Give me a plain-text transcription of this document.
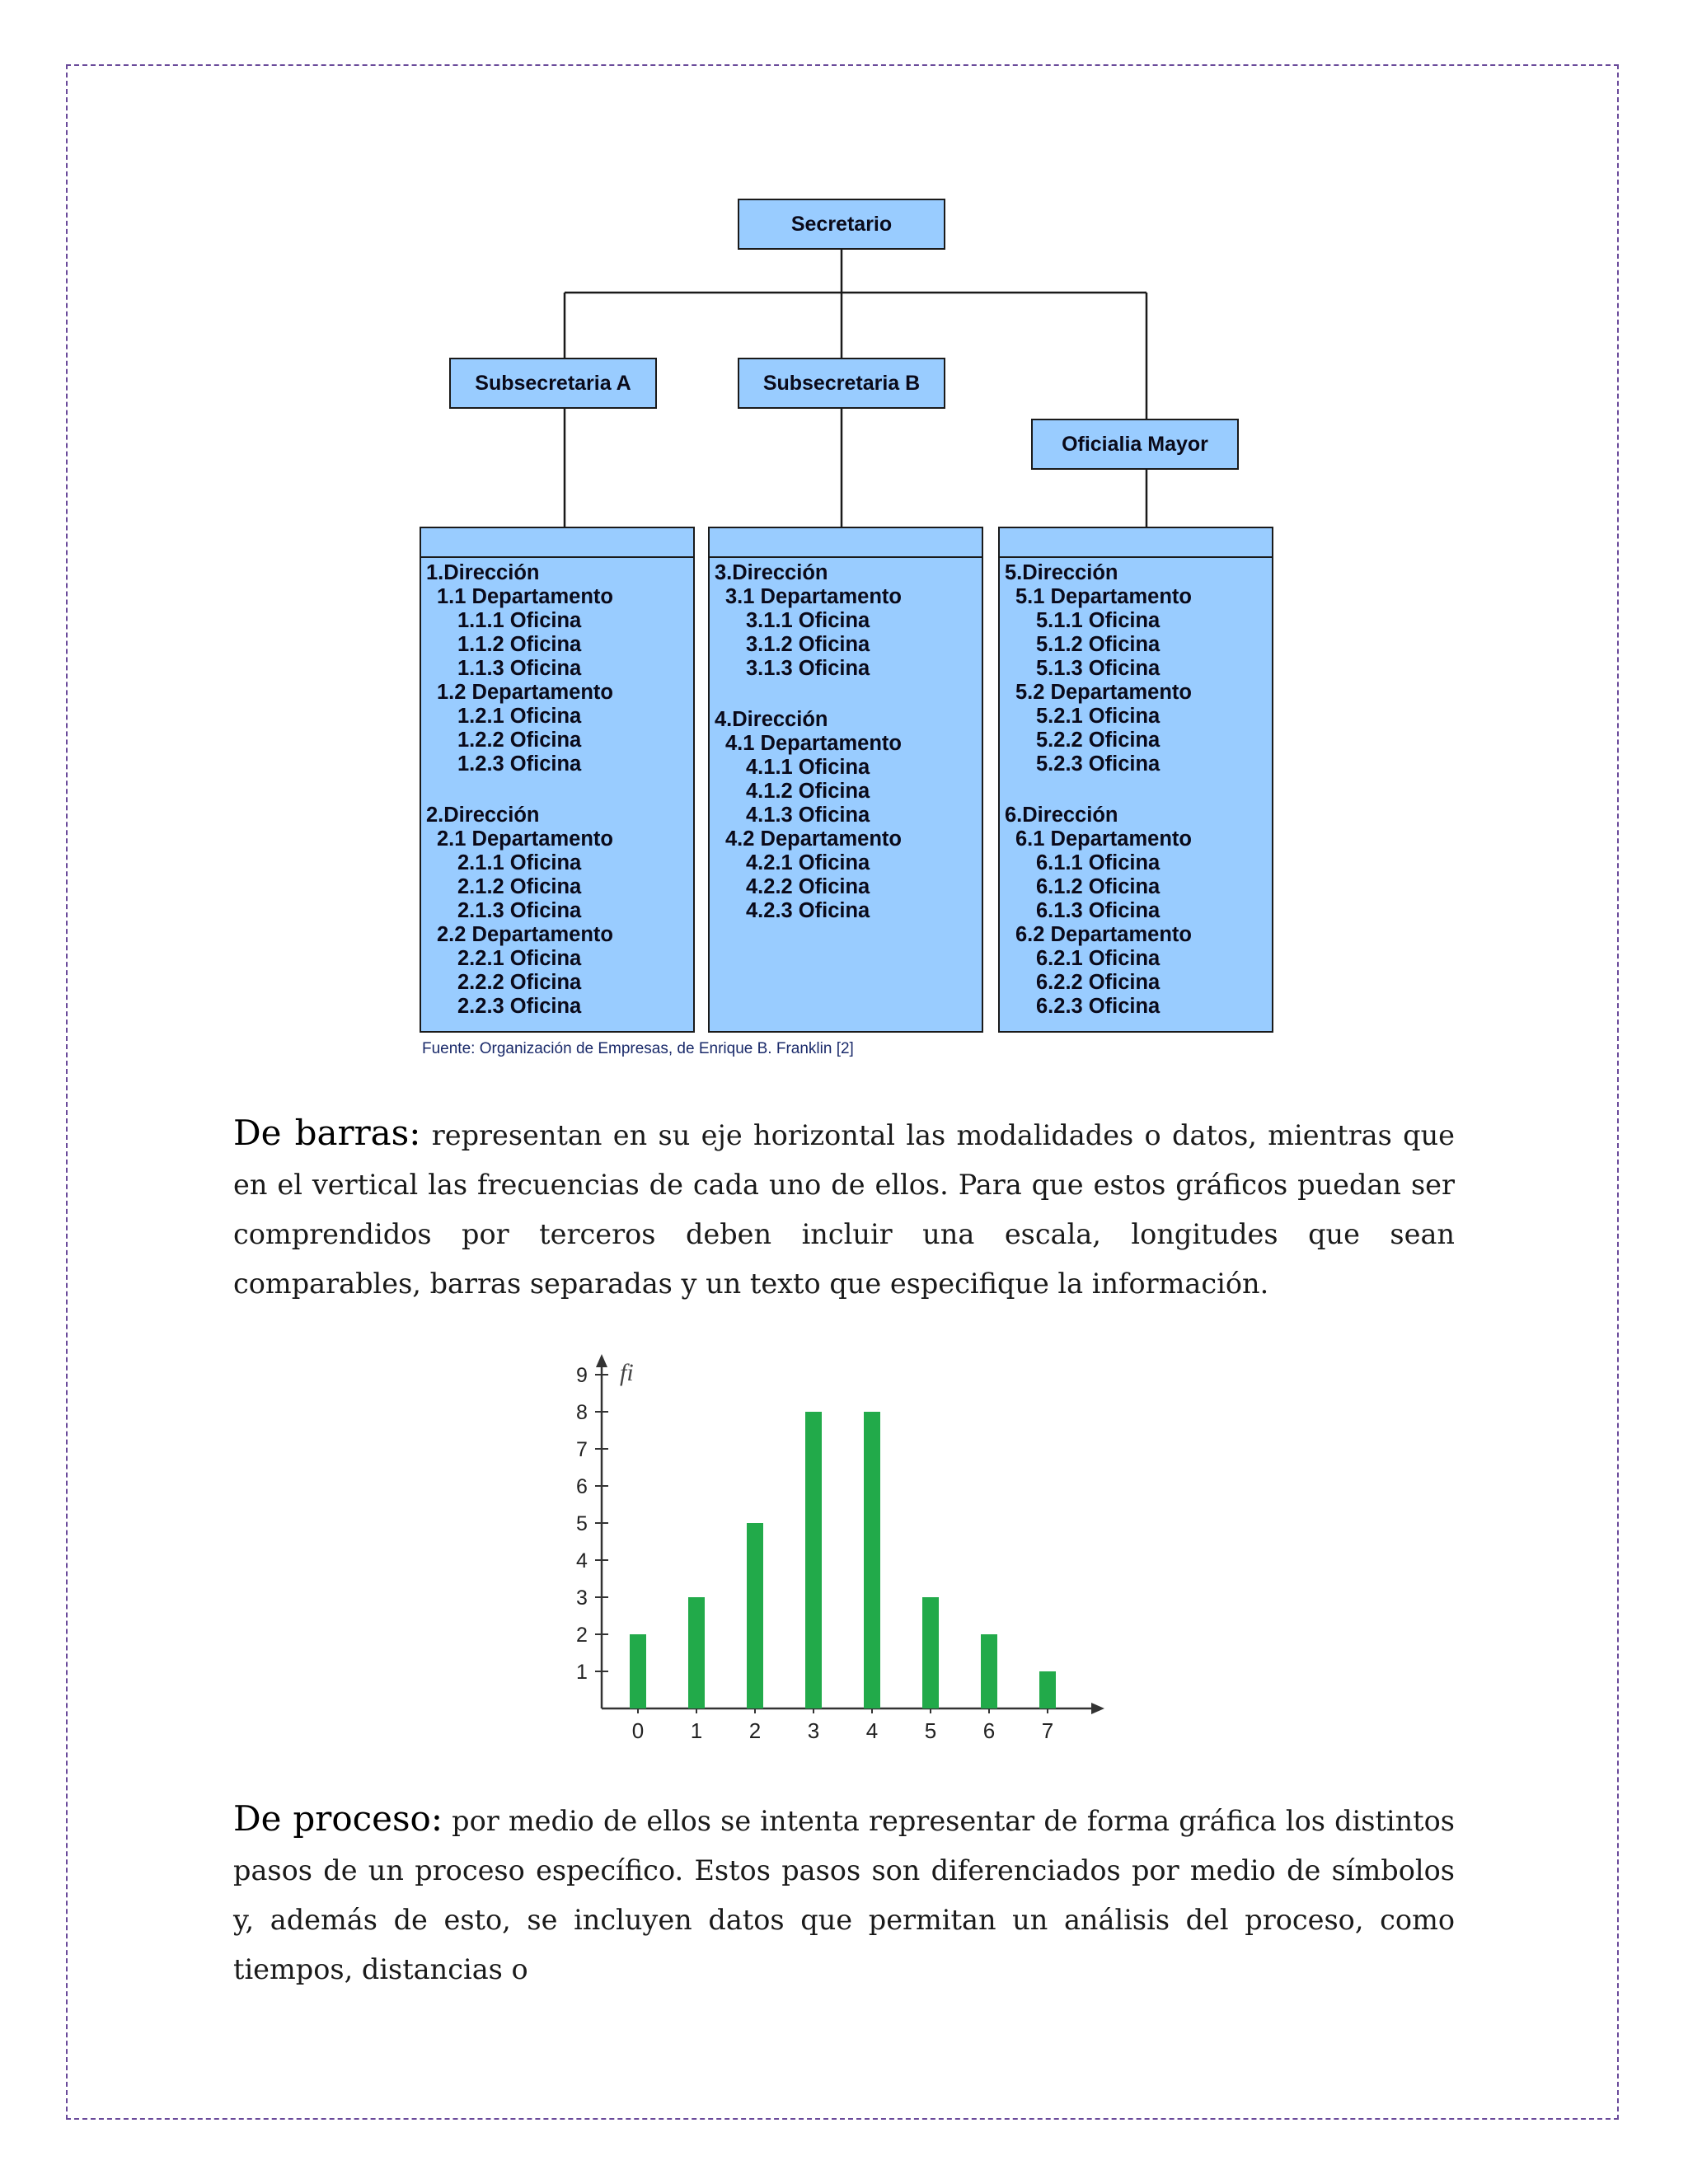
Secretario
Subsecretaria A	Subsecretaria B
Oficialia Mayor
1.Dirección
1.1 Departamento
1.1.1 Oficina
1.1.2 Oficina
1.1.3 Oficina
1.2 Departamento
1.2.1 Oficina
1.2.2 Oficina
1.2.3 Oficina
2.Dirección
2.1 Departamento
2.1.1 Oficina
2.1.2 Oficina
2.1.3 Oficina
2.2 Departamento
2.2.1 Oficina
2.2.2 Oficina
2.2.3 Oficina
3.Dirección
3.1 Departamento
3.1.1 Oficina
3.1.2 Oficina
3.1.3 Oficina
4.Dirección
4.1 Departamento
4.1.1 Oficina
4.1.2 Oficina
4.1.3 Oficina
4.2 Departamento
4.2.1 Oficina
4.2.2 Oficina
4.2.3 Oficina
5.Dirección
5.1 Departamento
5.1.1 Oficina
5.1.2 Oficina
5.1.3 Oficina
5.2 Departamento
5.2.1 Oficina
5.2.2 Oficina
5.2.3 Oficina
6.Dirección
6.1 Departamento
6.1.1 Oficina
6.1.2 Oficina
6.1.3 Oficina
6.2 Departamento
6.2.1 Oficina
6.2.2 Oficina
6.2.3 Oficina
Fuente: Organización de Empresas, de Enrique B. Franklin [2]

De barras: representan en su eje horizontal las modalidades o datos, mientras que en el vertical las frecuencias de cada uno de ellos. Para que estos gráficos puedan ser comprendidos por terceros deben incluir una escala, longitudes que sean comparables, barras separadas y un texto que especifique la información.

1
2
3
4
5
6
7
8
9 fi
0 1 2 3 4 5 6 7

De proceso: por medio de ellos se intenta representar de forma gráfica los distintos pasos de un proceso específico. Estos pasos son diferenciados por medio de símbolos y, además de esto, se incluyen datos que permitan un análisis del proceso, como tiempos, distancias o
